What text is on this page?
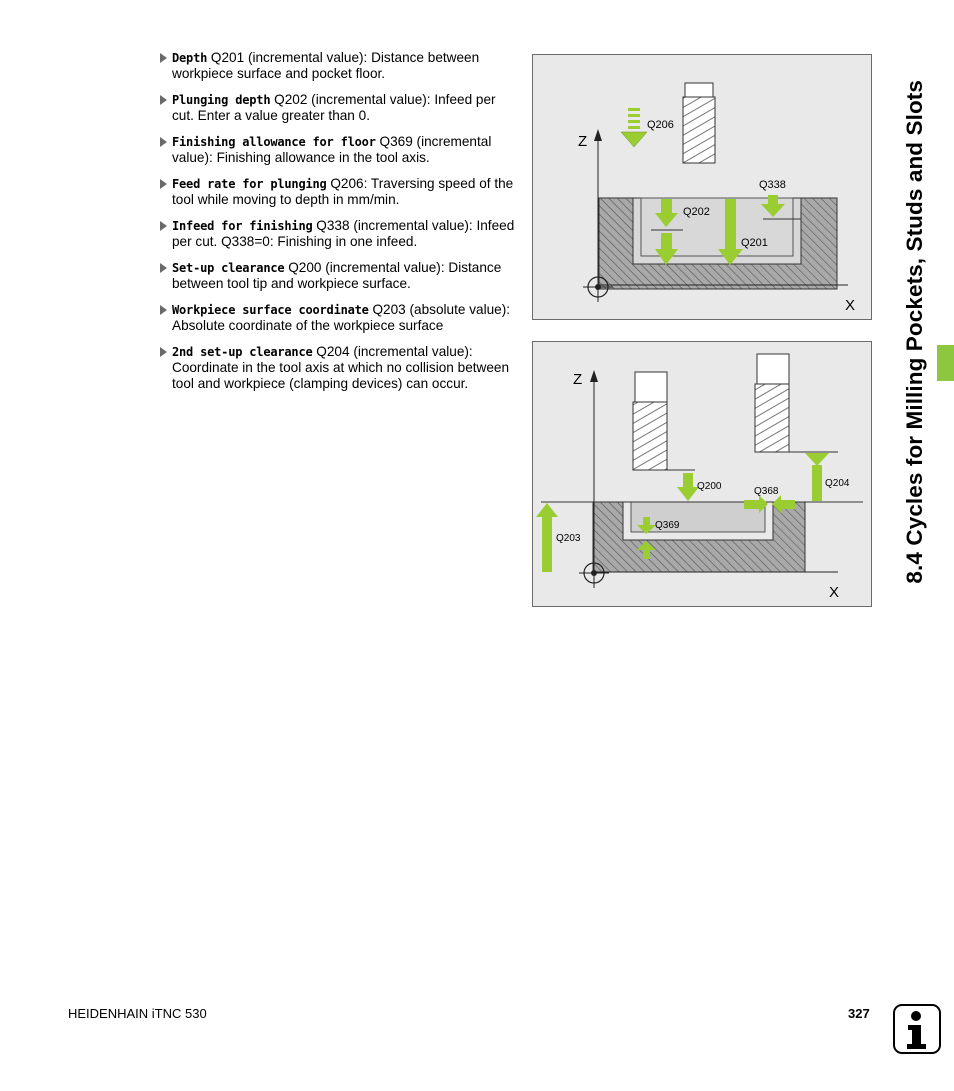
Depth Q201 (incremental value): Distance between workpiece surface and pocket floor.
Plunging depth Q202 (incremental value): Infeed per cut. Enter a value greater than 0.
Finishing allowance for floor Q369 (incremental value): Finishing allowance in the tool axis.
Feed rate for plunging Q206: Traversing speed of the tool while moving to depth in mm/min.
Infeed for finishing Q338 (incremental value): Infeed per cut. Q338=0: Finishing in one infeed.
Set-up clearance Q200 (incremental value): Distance between tool tip and workpiece surface.
Workpiece surface coordinate Q203 (absolute value): Absolute coordinate of the workpiece surface
2nd set-up clearance Q204 (incremental value): Coordinate in the tool axis at which no collision between tool and workpiece (clamping devices) can occur.
Z
X
Q206
Q202
Q201
Q338
Z
X
Q200	Q204
Q368
Q369
Q203	8.4 Cycles for Milling Pockets, Studs and Slots
HEIDENHAIN iTNC 530	327
